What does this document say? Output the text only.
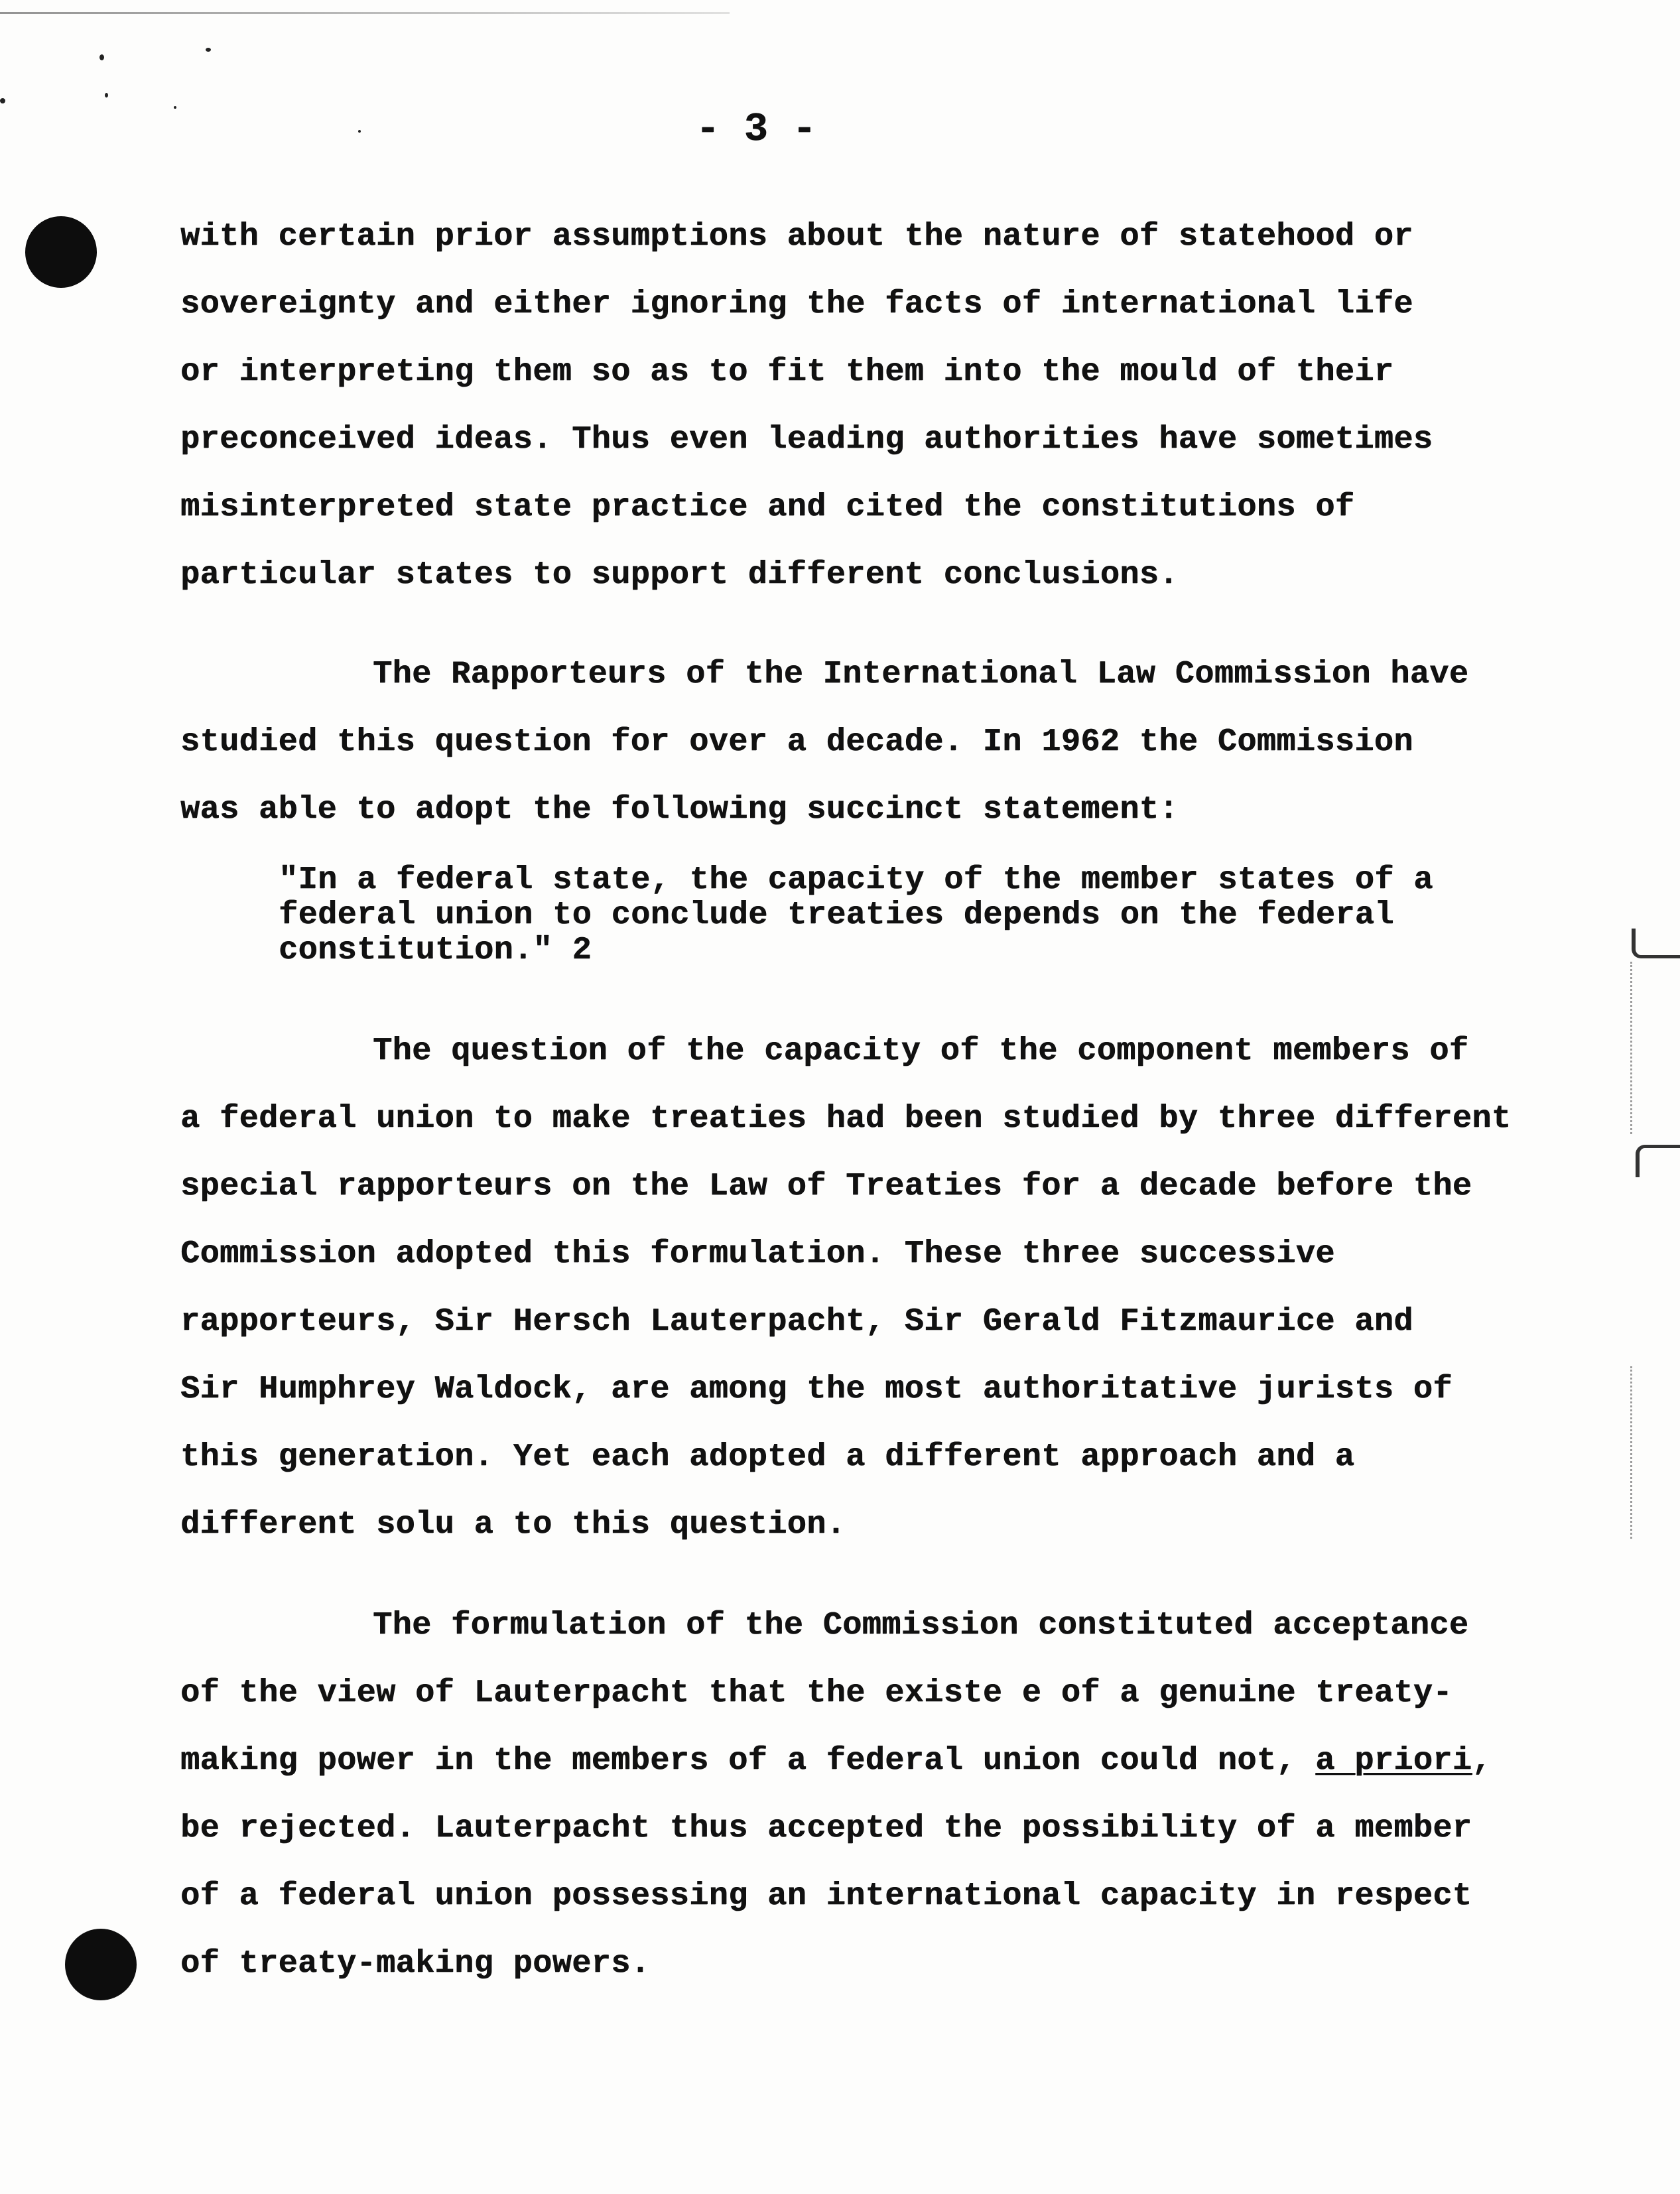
- 3 -
with certain prior assumptions about the nature of statehood or
sovereignty and either ignoring the facts of international life
or interpreting them so as to fit them into the mould of their
preconceived ideas. Thus even leading authorities have sometimes
misinterpreted state practice and cited the constitutions of
particular states to support different conclusions.
The Rapporteurs of the International Law Commission have
studied this question for over a decade. In 1962 the Commission
was able to adopt the following succinct statement:
"In a federal state, the capacity of the member states of a
federal union to conclude treaties depends on the federal
constitution." 2
The question of the capacity of the component members of
a federal union to make treaties had been studied by three different
special rapporteurs on the Law of Treaties for a decade before the
Commission adopted this formulation. These three successive
rapporteurs, Sir Hersch Lauterpacht, Sir Gerald Fitzmaurice and
Sir Humphrey Waldock, are among the most authoritative jurists of
this generation. Yet each adopted a different approach and a
different solu a to this question.
The formulation of the Commission constituted acceptance
of the view of Lauterpacht that the existe e of a genuine treaty-
making power in the members of a federal union could not, a priori,
be rejected. Lauterpacht thus accepted the possibility of a member
of a federal union possessing an international capacity in respect
of treaty-making powers.
